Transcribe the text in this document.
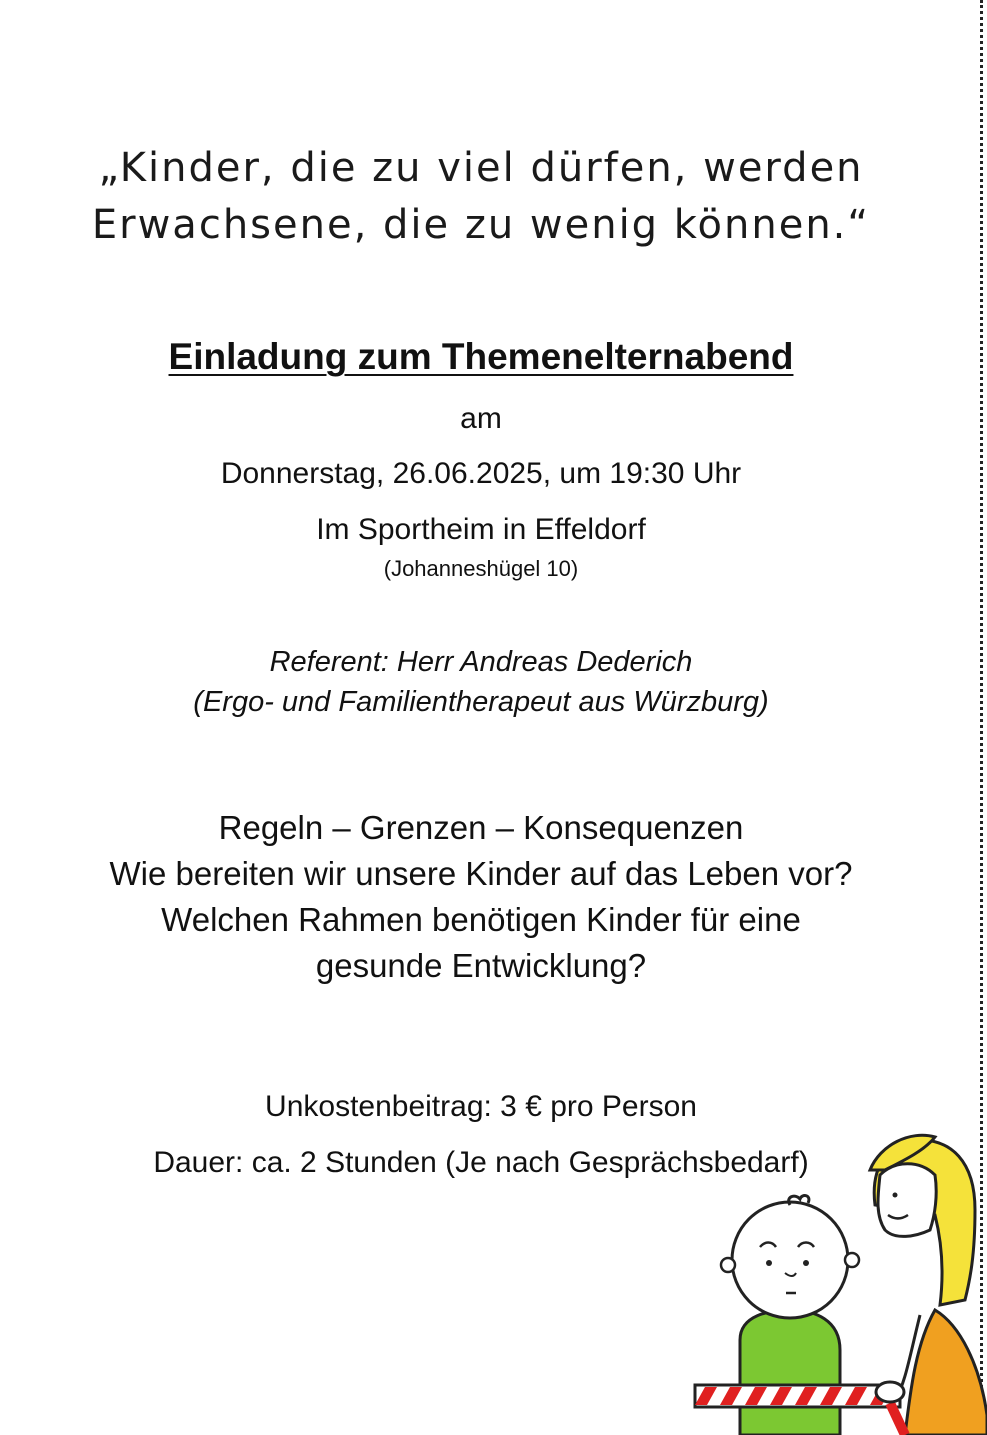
„Kinder, die zu viel dürfen, werden
Erwachsene, die zu wenig können.“
Einladung zum Themenelternabend
am
Donnerstag, 26.06.2025, um 19:30 Uhr
Im Sportheim in Effeldorf
(Johanneshügel 10)
Referent: Herr Andreas Dederich
(Ergo- und Familientherapeut aus Würzburg)
Regeln – Grenzen – Konsequenzen
Wie bereiten wir unsere Kinder auf das Leben vor?
Welchen Rahmen benötigen Kinder für eine
gesunde Entwicklung?
Unkostenbeitrag: 3 € pro Person
Dauer: ca. 2 Stunden (Je nach Gesprächsbedarf)
